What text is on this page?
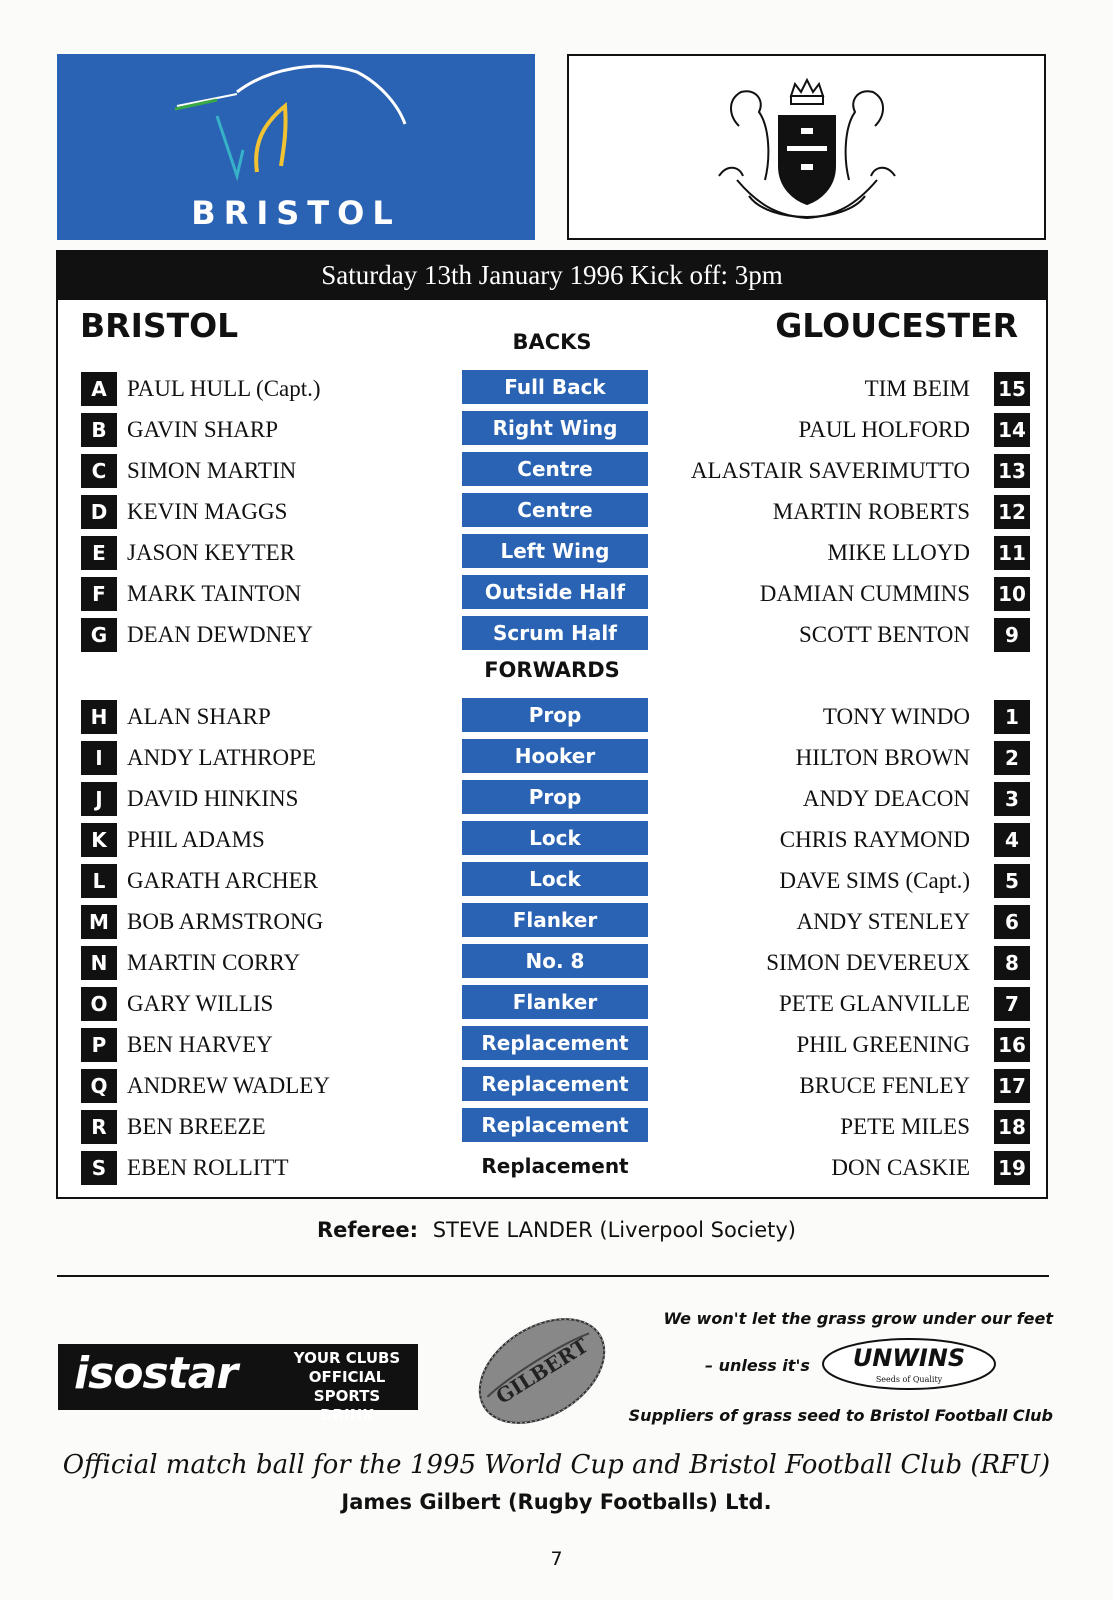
BRISTOL
Saturday 13th January 1996 Kick off: 3pm
BRISTOL	GLOUCESTER
BACKS
A PAUL HULL (Capt.)	Full Back	TIM BEIM 15
B GAVIN SHARP	Right Wing	PAUL HOLFORD 14
C SIMON MARTIN	Centre	ALASTAIR SAVERIMUTTO 13
D KEVIN MAGGS	Centre	MARTIN ROBERTS 12
E JASON KEYTER	Left Wing	MIKE LLOYD 11
F MARK TAINTON	Outside Half	DAMIAN CUMMINS 10
G DEAN DEWDNEY	Scrum Half	SCOTT BENTON	9
FORWARDS
H ALAN SHARP	Prop	TONY WINDO	1
I	ANDY LATHROPE	Hooker	HILTON BROWN	2
J	DAVID HINKINS	Prop	ANDY DEACON	3
K PHIL ADAMS	Lock	CHRIS RAYMOND	4
L GARATH ARCHER	Lock	DAVE SIMS (Capt.)	5
M BOB ARMSTRONG	Flanker	ANDY STENLEY	6
N MARTIN CORRY	No. 8	SIMON DEVEREUX	8
O GARY WILLIS	Flanker	PETE GLANVILLE	7
P BEN HARVEY	Replacement	PHIL GREENING 16
Q ANDREW WADLEY	Replacement	BRUCE FENLEY 17
R BEN BREEZE	Replacement	PETE MILES 18
S EBEN ROLLITT	Replacement	DON CASKIE 19
Referee: STEVE LANDER (Liverpool Society)
isostar	YOUR CLUBS
OFFICIAL
SPORTS DRINK
GILBERT
We won't let the grass grow under our feet
– unless it's UNWINS
Seeds of Quality
Suppliers of grass seed to Bristol Football Club
Official match ball for the 1995 World Cup and Bristol Football Club (RFU)
James Gilbert (Rugby Footballs) Ltd.
7
